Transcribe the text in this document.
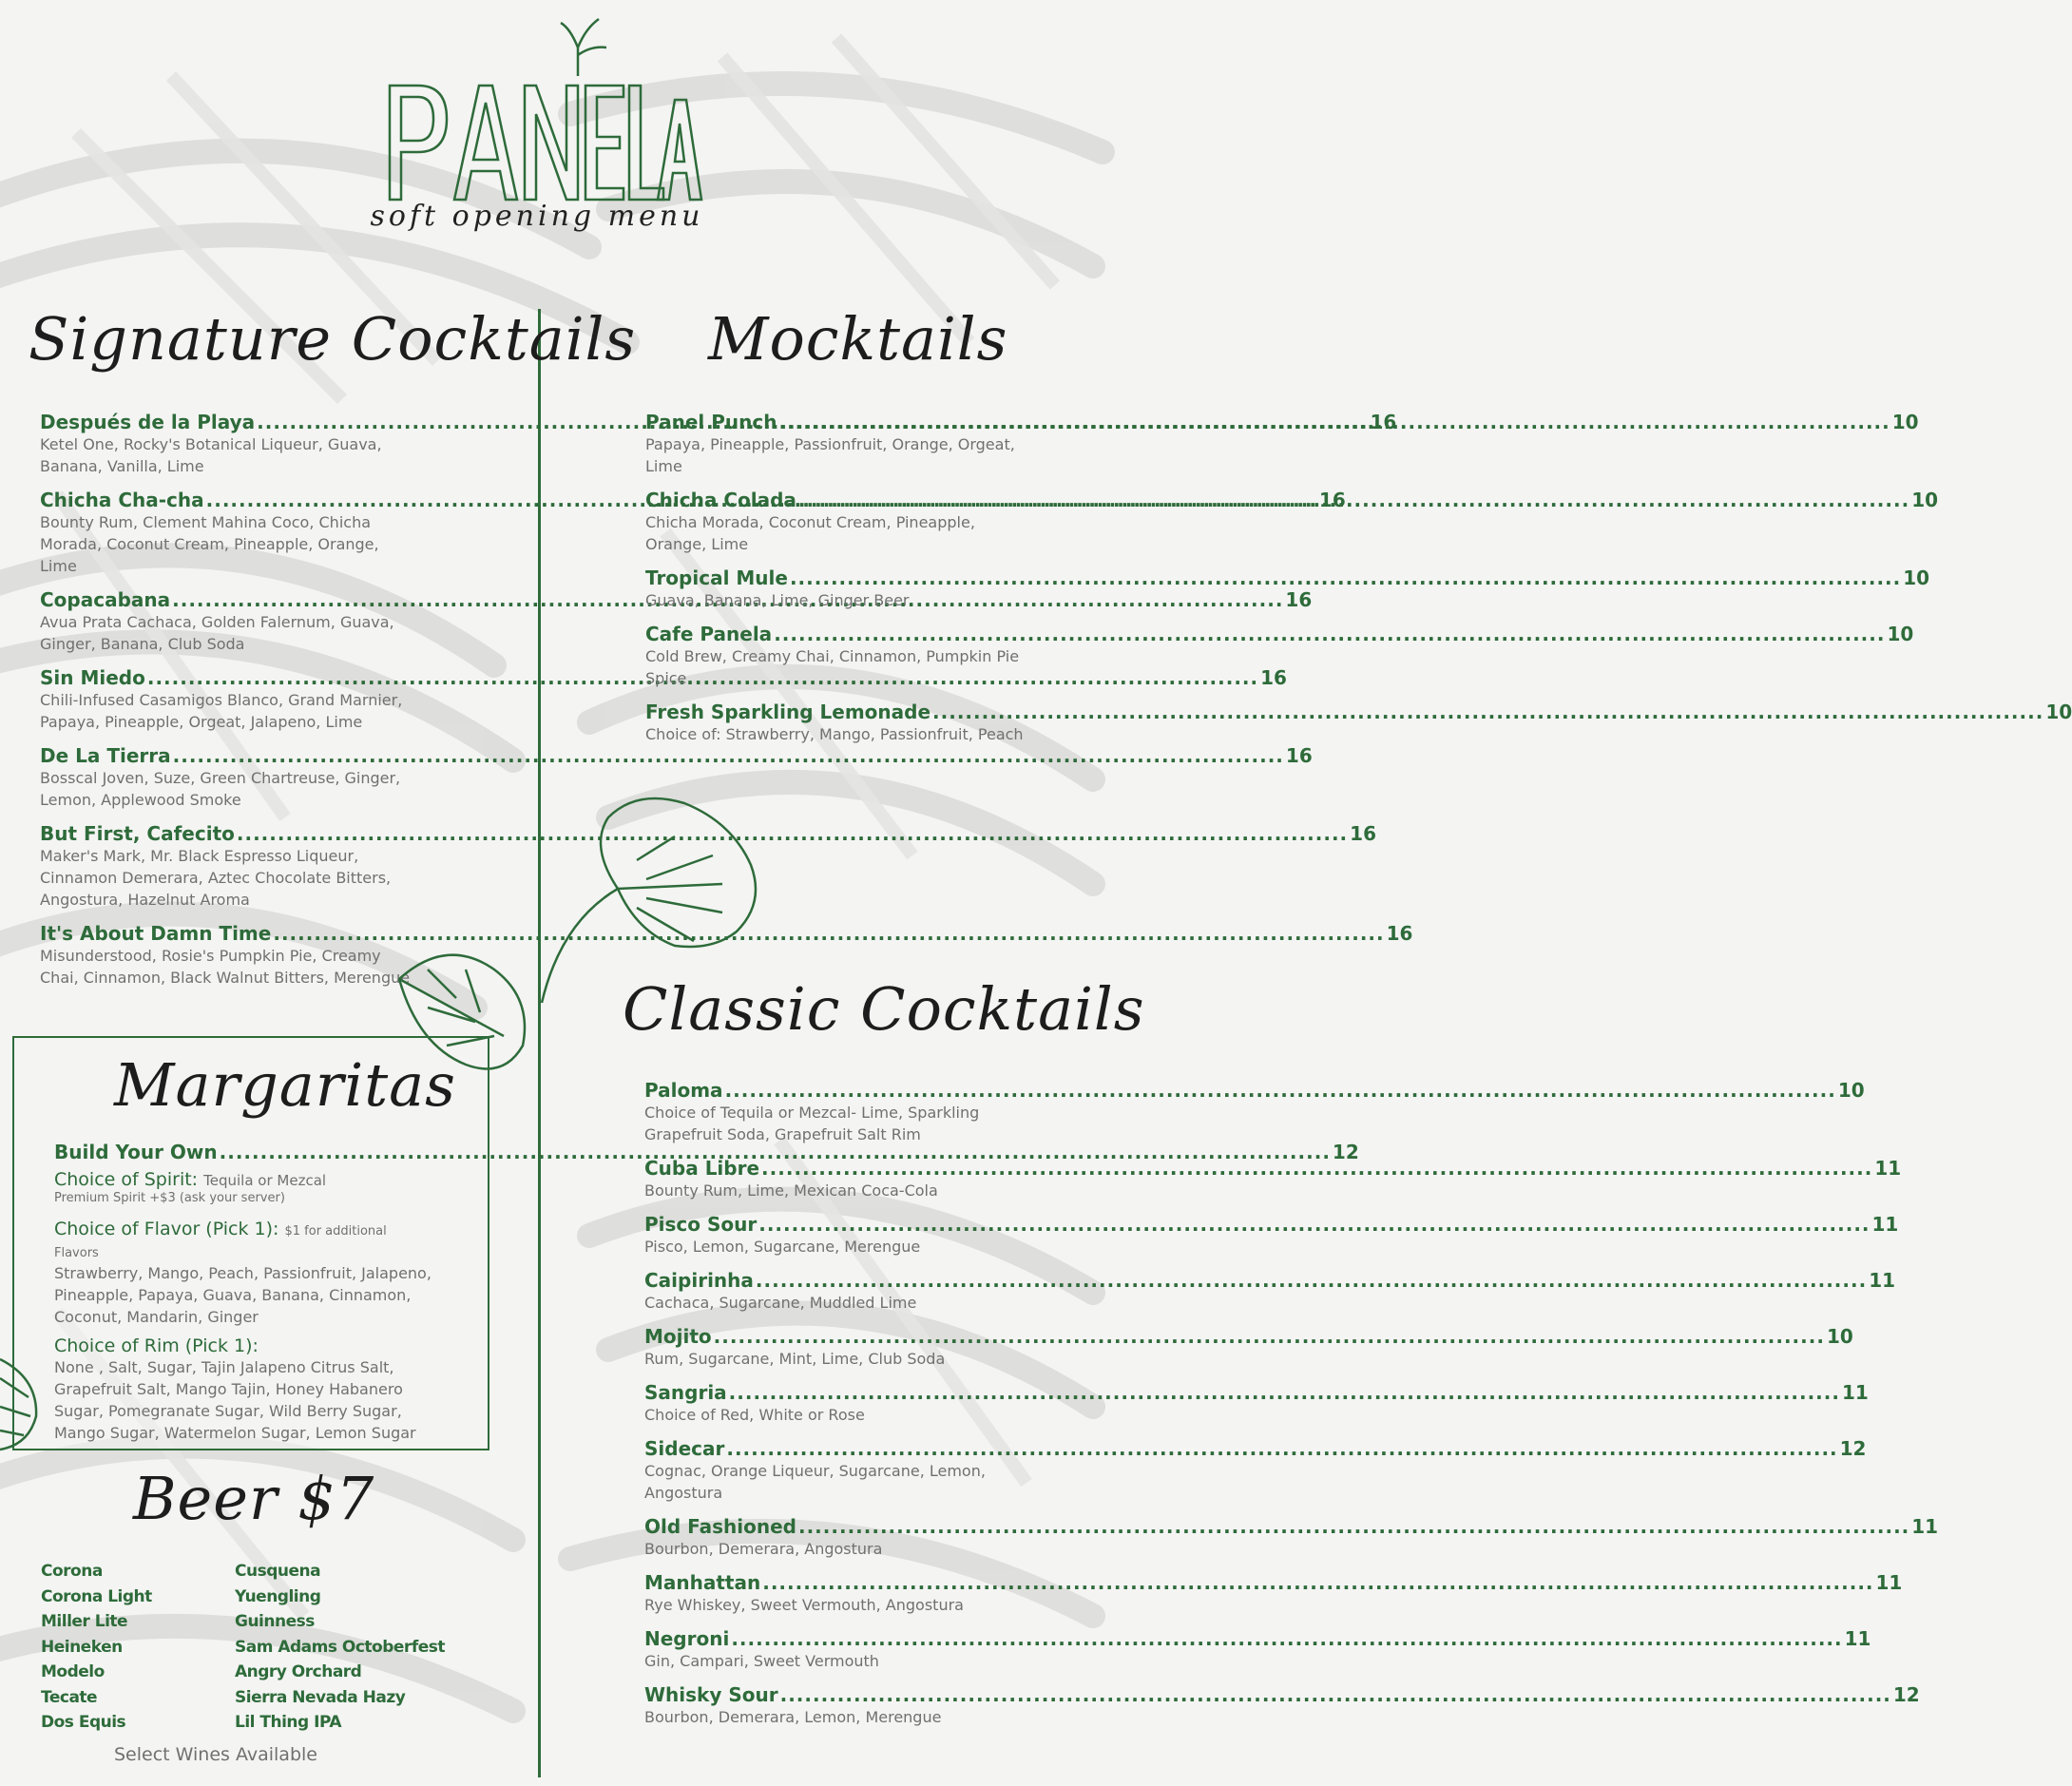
soft opening menu
Signature Cocktails
Después de la Playa .....	16
Ketel One, Rocky's Botanical Liqueur, Guava, Banana, Vanilla, Lime
Chicha Cha-cha .....	16
Bounty Rum, Clement Mahina Coco, Chicha Morada, Coconut Cream, Pineapple, Orange, Lime
Copacabana .....	16
Avua Prata Cachaca, Golden Falernum, Guava, Ginger, Banana, Club Soda
Sin Miedo .....	16
Chili-Infused Casamigos Blanco, Grand Marnier, Papaya, Pineapple, Orgeat, Jalapeno, Lime
De La Tierra .....	16
Bosscal Joven, Suze, Green Chartreuse, Ginger, Lemon, Applewood Smoke
But First, Cafecito .....	16
Maker's Mark, Mr. Black Espresso Liqueur, Cinnamon Demerara, Aztec Chocolate Bitters, Angostura, Hazelnut Aroma
It's About Damn Time .....	16
Misunderstood, Rosie's Pumpkin Pie, Creamy Chai, Cinnamon, Black Walnut Bitters, Merengue
Mocktails
Panel Punch .....	10
Papaya, Pineapple, Passionfruit, Orange, Orgeat, Lime
Chicha Colada .....	10
Chicha Morada, Coconut Cream, Pineapple, Orange, Lime
Tropical Mule .....	10
Guava, Banana, Lime, Ginger Beer
Cafe Panela .....	10
Cold Brew, Creamy Chai, Cinnamon, Pumpkin Pie Spice
Fresh Sparkling Lemonade .....	10
Choice of: Strawberry, Mango, Passionfruit, Peach
Margaritas
Build Your Own .....	12
Choice of Spirit: Tequila or Mezcal
Premium Spirit +$3 (ask your server)
Choice of Flavor (Pick 1): $1 for additional Flavors
Strawberry, Mango, Peach, Passionfruit, Jalapeno, Pineapple, Papaya, Guava, Banana, Cinnamon, Coconut, Mandarin, Ginger
Choice of Rim (Pick 1):
None , Salt, Sugar, Tajin Jalapeno Citrus Salt, Grapefruit Salt, Mango Tajin, Honey Habanero Sugar, Pomegranate Sugar, Wild Berry Sugar, Mango Sugar, Watermelon Sugar, Lemon Sugar
Beer $7
Corona
Corona Light
Miller Lite
Heineken
Modelo
Tecate
Dos Equis
Cusquena
Yuengling
Guinness
Sam Adams Octoberfest
Angry Orchard
Sierra Nevada Hazy
Lil Thing IPA
Select Wines Available
Classic Cocktails
Paloma .....	10
Choice of Tequila or Mezcal- Lime, Sparkling Grapefruit Soda, Grapefruit Salt Rim
Cuba Libre .....	11
Bounty Rum, Lime, Mexican Coca-Cola
Pisco Sour .....	11
Pisco, Lemon, Sugarcane, Merengue
Caipirinha .....	11
Cachaca, Sugarcane, Muddled Lime
Mojito .....	10
Rum, Sugarcane, Mint, Lime, Club Soda
Sangria .....	11
Choice of Red, White or Rose
Sidecar .....	12
Cognac, Orange Liqueur, Sugarcane, Lemon, Angostura
Old Fashioned .....	11
Bourbon, Demerara, Angostura
Manhattan .....	11
Rye Whiskey, Sweet Vermouth, Angostura
Negroni .....	11
Gin, Campari, Sweet Vermouth
Whisky Sour .....	12
Bourbon, Demerara, Lemon, Merengue
